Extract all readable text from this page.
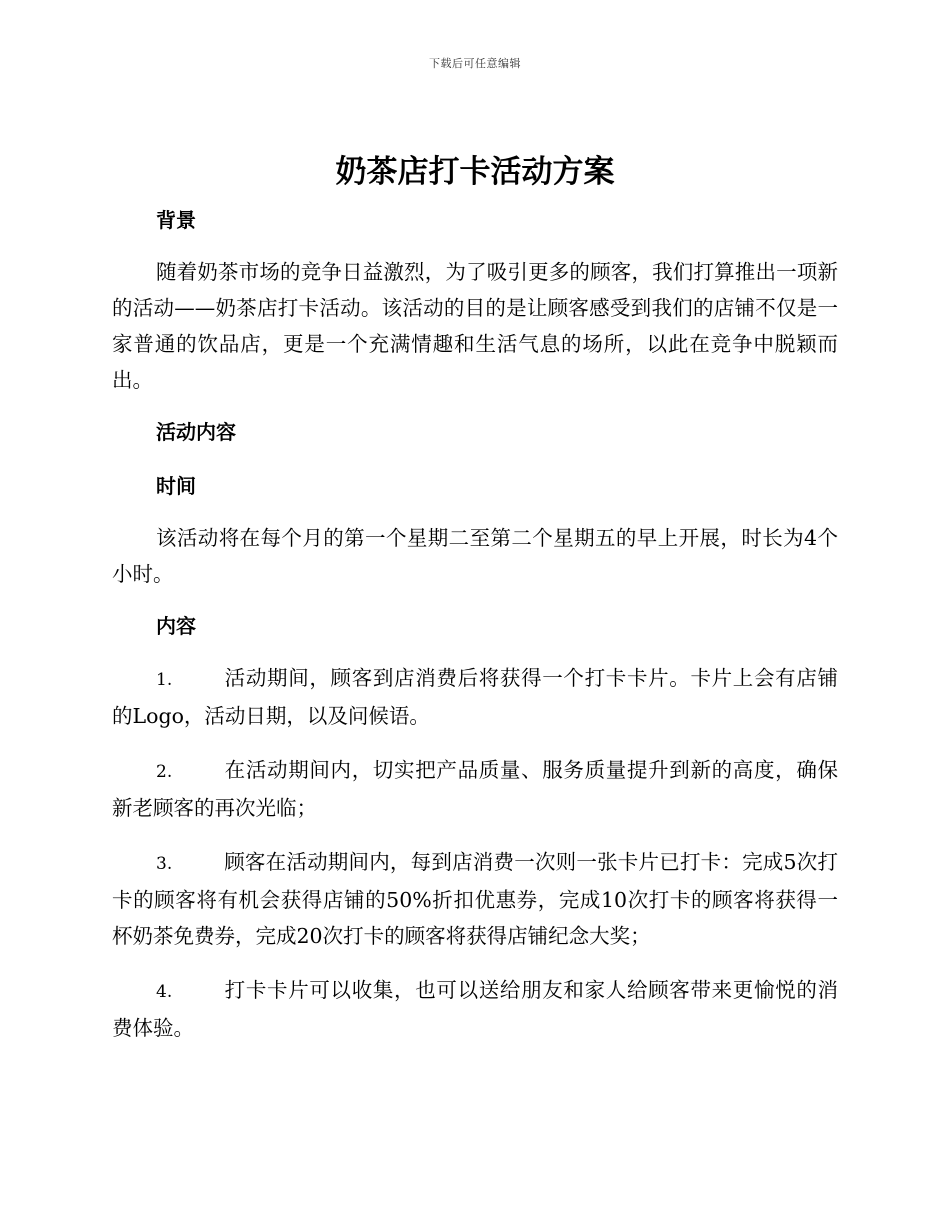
下载后可任意编辑
奶茶店打卡活动方案

背景

随着奶茶市场的竞争日益激烈，为了吸引更多的顾客，我们打算推出一项新的活动——奶茶店打卡活动。该活动的目的是让顾客感受到我们的店铺不仅是一家普通的饮品店，更是一个充满情趣和生活气息的场所，以此在竞争中脱颖而出。

活动内容

时间

该活动将在每个月的第一个星期二至第二个星期五的早上开展，时长为4个小时。

内容

1.	活动期间，顾客到店消费后将获得一个打卡卡片。卡片上会有店铺的Logo，活动日期，以及问候语。

2.	在活动期间内，切实把产品质量、服务质量提升到新的高度，确保新老顾客的再次光临；

3.	顾客在活动期间内，每到店消费一次则一张卡片已打卡：完成5次打卡的顾客将有机会获得店铺的50%折扣优惠券，完成10次打卡的顾客将获得一杯奶茶免费券，完成20次打卡的顾客将获得店铺纪念大奖；

4.	打卡卡片可以收集，也可以送给朋友和家人给顾客带来更愉悦的消费体验。
